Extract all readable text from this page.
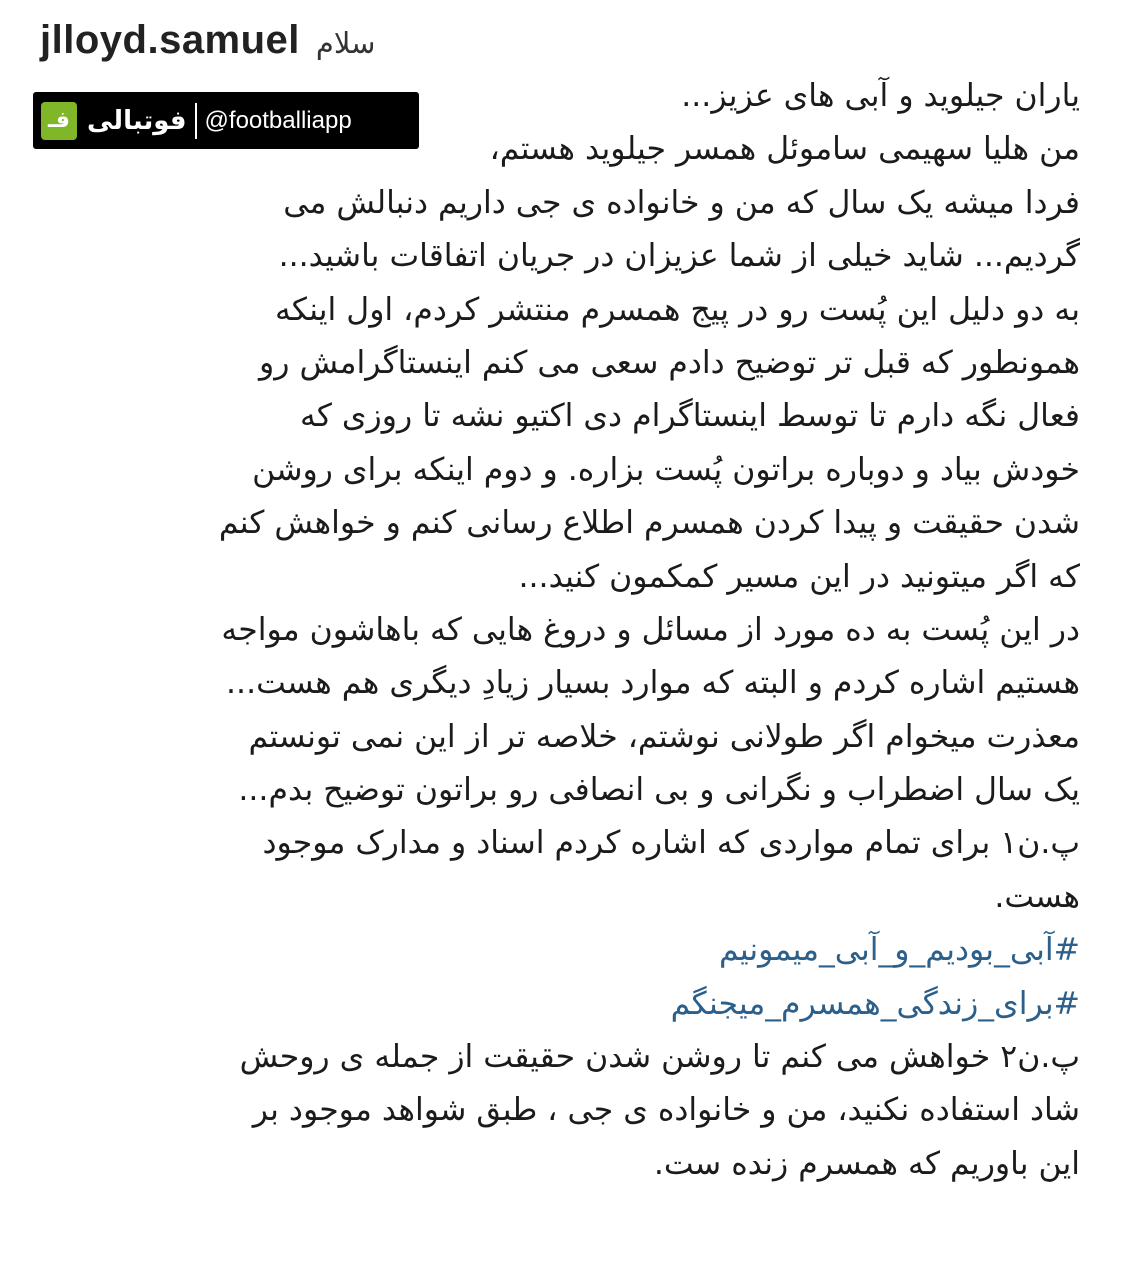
jlloyd.samuel سلام
یاران جیلوید و آبی های عزیز...
من هلیا سهیمی ساموئل همسر جیلوید هستم،
فردا میشه یک سال که من و خانواده ی جی داریم دنبالش می
گردیم... شاید خیلی از شما عزیزان در جریان اتفاقات باشید...
به دو دلیل این پُست رو در پیج همسرم منتشر کردم، اول اینکه
همونطور که قبل تر توضیح دادم سعی می کنم اینستاگرامش رو
فعال نگه دارم تا توسط اینستاگرام دی اکتیو نشه تا روزی که
خودش بیاد و دوباره براتون پُست بزاره. و دوم اینکه برای روشن
شدن حقیقت و پیدا کردن همسرم اطلاع رسانی کنم و خواهش کنم
که اگر میتونید در این مسیر کمکمون کنید...
در این پُست به ده مورد از مسائل و دروغ هایی که باهاشون مواجه
هستیم اشاره کردم و البته که موارد بسیار زیادِ دیگری هم هست...
معذرت میخوام اگر طولانی نوشتم، خلاصه تر از این نمی تونستم
یک سال اضطراب و نگرانی و بی انصافی رو براتون توضیح بدم...
پ.ن۱ برای تمام مواردی که اشاره کردم اسناد و مدارک موجود
هست.
#آبی_بودیم_و_آبی_میمونیم
#برای_زندگی_همسرم_میجنگم
پ.ن۲ خواهش می کنم تا روشن شدن حقیقت از جمله ی روحش
شاد استفاده نکنید، من و خانواده ی جی ، طبق شواهد موجود بر
این باوریم که همسرم زنده ست.
فـ فوتبالی @footballiapp
